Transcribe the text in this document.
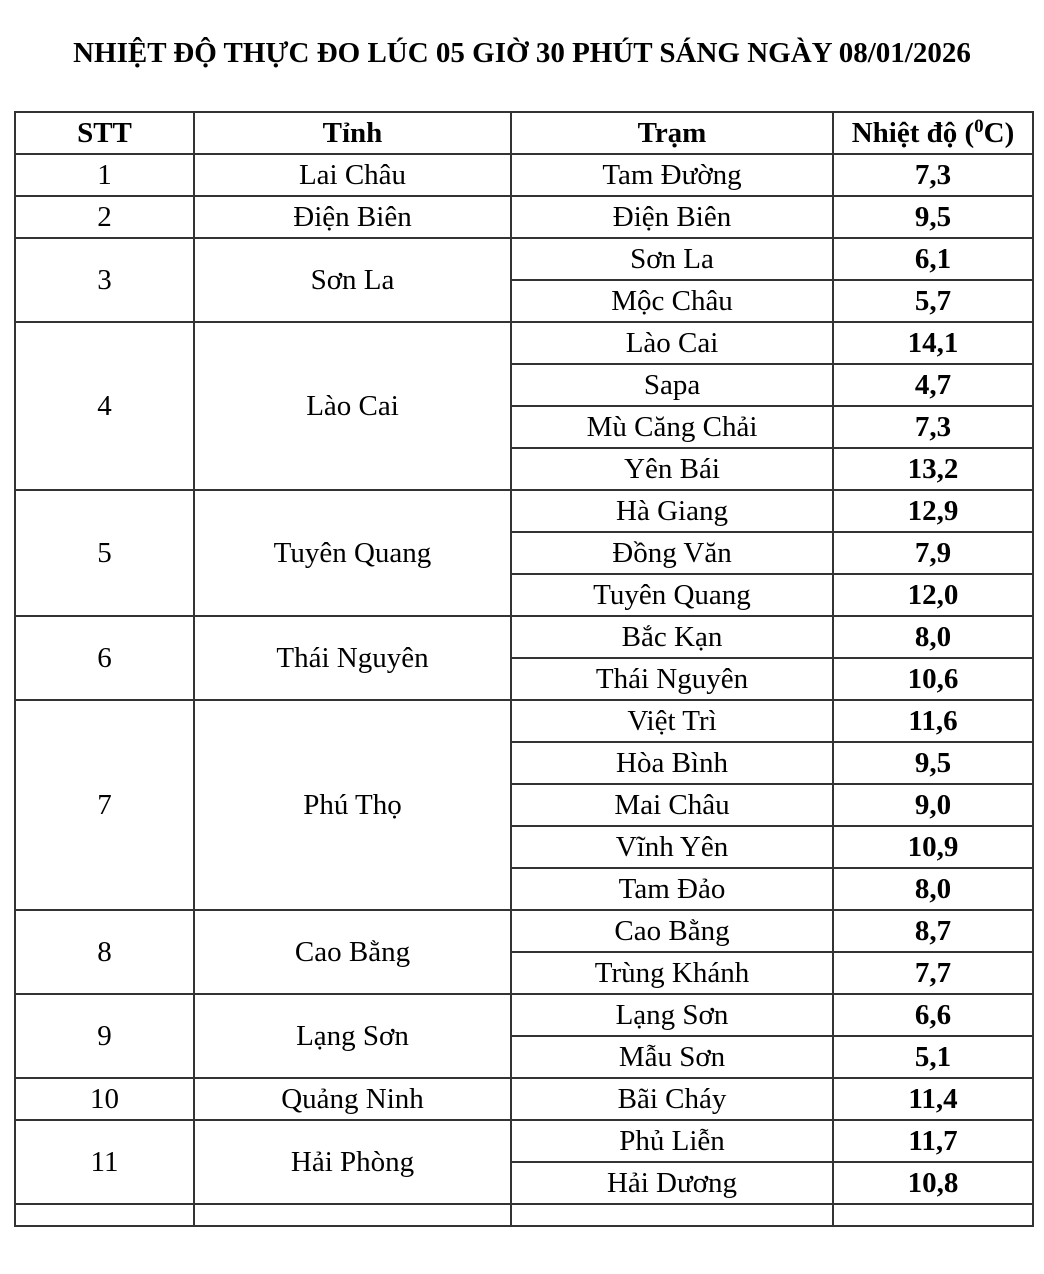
NHIỆT ĐỘ THỰC ĐO LÚC 05 GIỜ 30 PHÚT SÁNG NGÀY 08/01/2026
STT	Tỉnh	Trạm	Nhiệt độ ($^0$C)
1	Lai Châu	Tam Đường	7,3
2	Điện Biên	Điện Biên	9,5
3	Sơn La	Sơn La	6,1
		Mộc Châu	5,7
4	Lào Cai	Lào Cai	14,1
		Sapa	4,7
		Mù Căng Chải	7,3
		Yên Bái	13,2
5	Tuyên Quang	Hà Giang	12,9
		Đồng Văn	7,9
		Tuyên Quang	12,0
6	Thái Nguyên	Bắc Kạn	8,0
		Thái Nguyên	10,6
7	Phú Thọ	Việt Trì	11,6
		Hòa Bình	9,5
		Mai Châu	9,0
		Vĩnh Yên	10,9
		Tam Đảo	8,0
8	Cao Bằng	Cao Bằng	8,7
		Trùng Khánh	7,7
9	Lạng Sơn	Lạng Sơn	6,6
		Mẫu Sơn	5,1
10	Quảng Ninh	Bãi Cháy	11,4
11	Hải Phòng	Phủ Liễn	11,7
		Hải Dương	10,8
